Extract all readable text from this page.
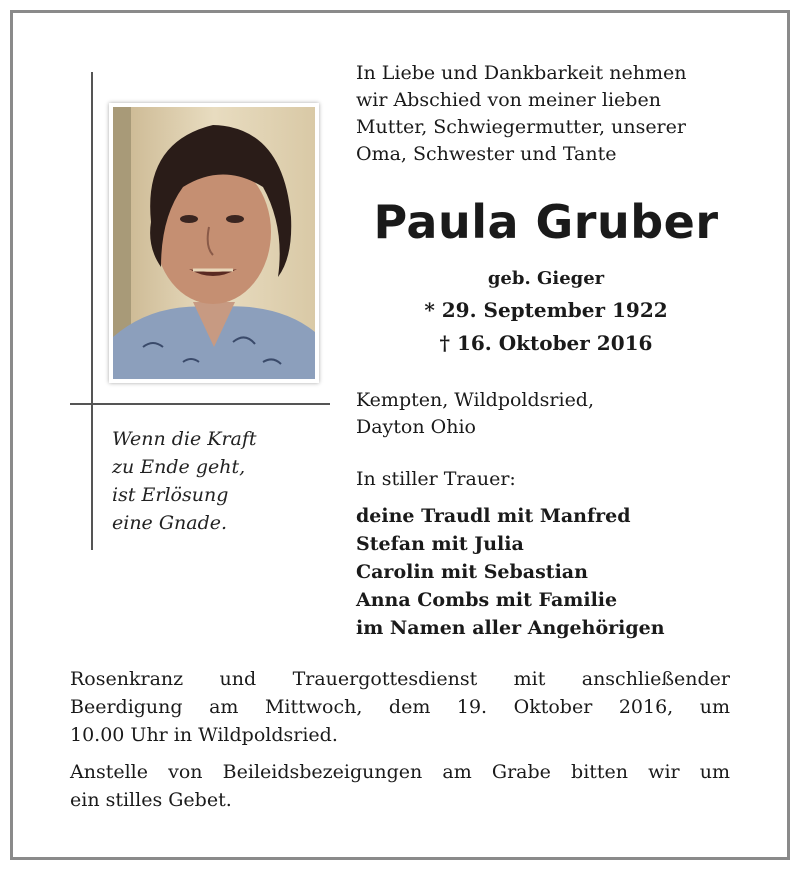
Wenn die Kraft
zu Ende geht,
ist Erlösung
eine Gnade.
In Liebe und Dankbarkeit nehmen
wir Abschied von meiner lieben
Mutter, Schwiegermutter, unserer
Oma, Schwester und Tante
Paula Gruber
geb. Gieger
* 29. September 1922
† 16. Oktober 2016
Kempten, Wildpoldsried,
Dayton Ohio
In stiller Trauer:
deine Traudl mit Manfred
Stefan mit Julia
Carolin mit Sebastian
Anna Combs mit Familie
im Namen aller Angehörigen
Rosenkranz und Trauergottesdienst mit anschließender
Beerdigung am Mittwoch, dem 19. Oktober 2016, um
10.00 Uhr in Wildpoldsried.
Anstelle von Beileidsbezeigungen am Grabe bitten wir um
ein stilles Gebet.
